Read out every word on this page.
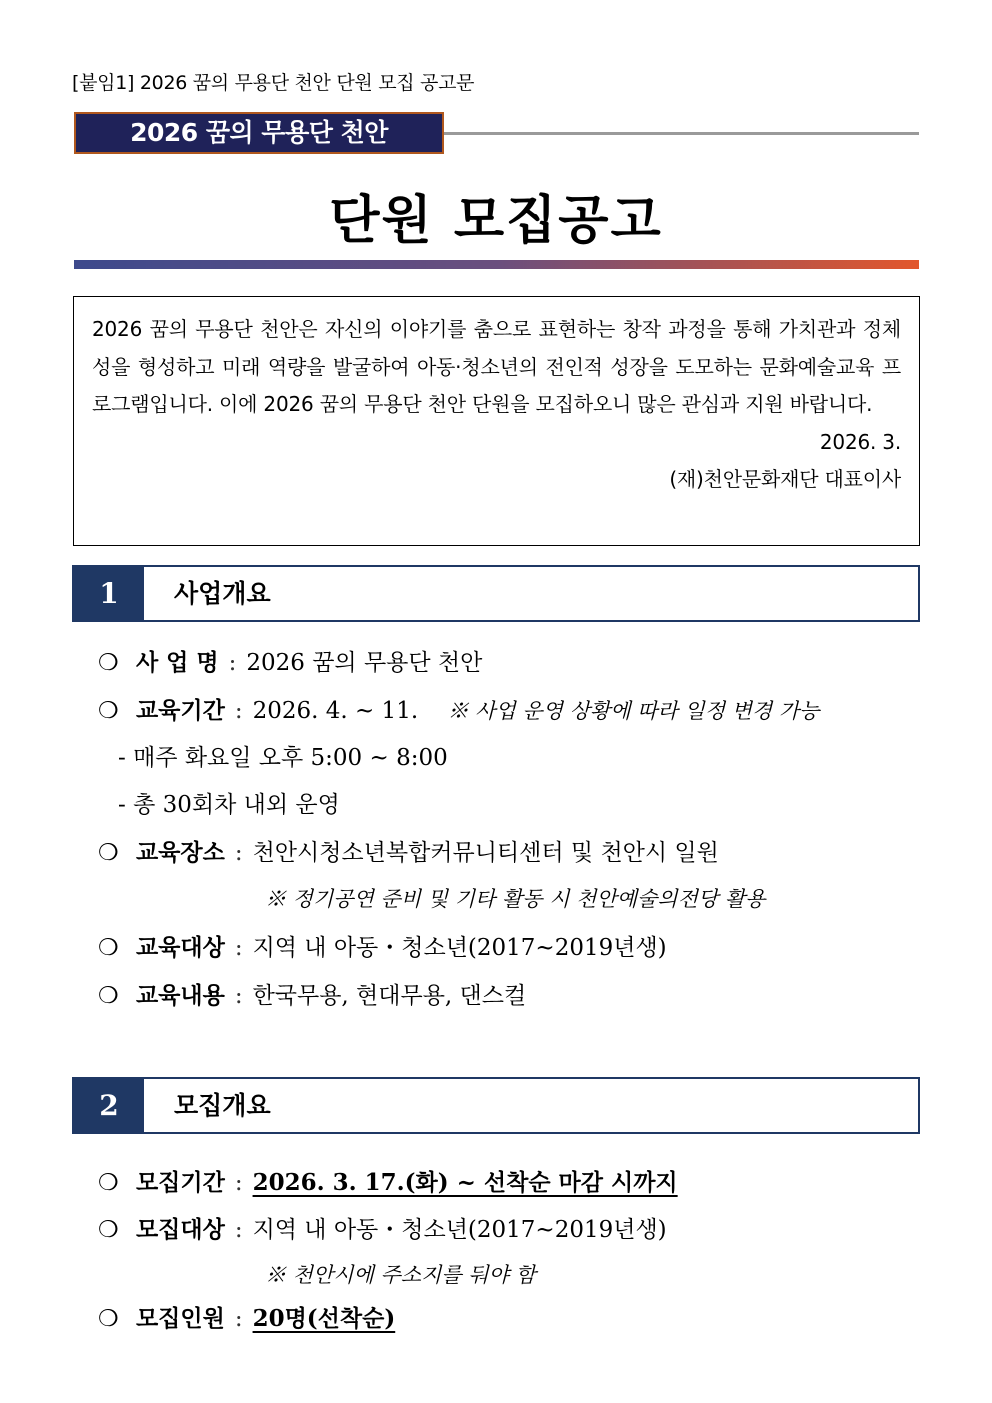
[붙임1] 2026 꿈의 무용단 천안 단원 모집 공고문
2026 꿈의 무용단 천안
단원 모집공고

2026 꿈의 무용단 천안은 자신의 이야기를 춤으로 표현하는 창작 과정을 통해 가치관과 정체성을 형성하고 미래 역량을 발굴하여 아동·청소년의 전인적 성장을 도모하는 문화예술교육 프로그램입니다. 이에 2026 꿈의 무용단 천안 단원을 모집하오니 많은 관심과 지원 바랍니다.

2026. 3.

(재)천안문화재단 대표이사

1	사업개요
❍ 사 업 명 : 2026 꿈의 무용단 천안
❍ 교육기간 : 2026. 4. ~ 11. ※ 사업 운영 상황에 따라 일정 변경 가능
- 매주 화요일 오후 5:00 ~ 8:00
- 총 30회차 내외 운영
❍ 교육장소 : 천안시청소년복합커뮤니티센터 및 천안시 일원
※ 정기공연 준비 및 기타 활동 시 천안예술의전당 활용
❍ 교육대상 : 지역 내 아동・청소년(2017~2019년생)
❍ 교육내용 : 한국무용, 현대무용, 댄스컬
2	모집개요
❍ 모집기간 : 2026. 3. 17.(화) ~ 선착순 마감 시까지
❍ 모집대상 : 지역 내 아동・청소년(2017~2019년생)
※ 천안시에 주소지를 둬야 함
❍ 모집인원 : 20명(선착순)
